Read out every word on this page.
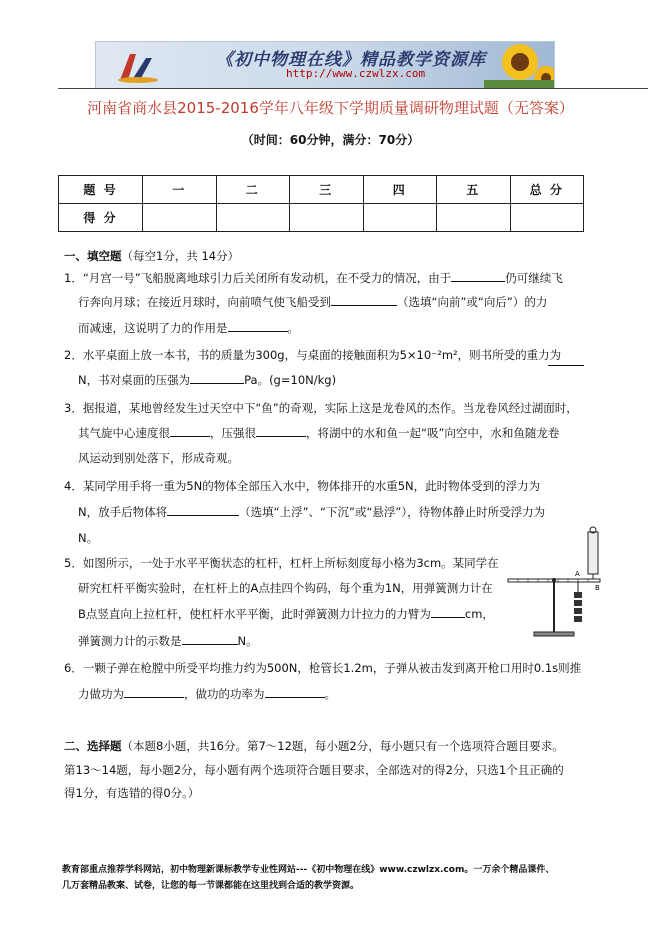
《初中物理在线》精品教学资源库
http://www.czwlzx.com
河南省商水县2015-2016学年八年级下学期质量调研物理试题（无答案）
（时间：60分钟，满分：70分）
题 号	一	二	三	四	五	总 分
得 分						
一、填空题（每空1分，共 14分）
1．“月宫一号”飞船脱离地球引力后关闭所有发动机，在不受力的情况，由于	仍可继续飞
行奔向月球；在接近月球时，向前喷气使飞船受到	（选填“向前”或“向后”）的力
而减速，这说明了力的作用是	。
2．水平桌面上放一本书，书的质量为300g，与桌面的接触面积为5×10⁻²m²，则书所受的重力为
N，书对桌面的压强为	Pa。(g=10N/kg)
3．据报道，某地曾经发生过天空中下“鱼”的奇观，实际上这是龙卷风的杰作。当龙卷风经过湖面时，
其气旋中心速度很	，压强很	，将湖中的水和鱼一起“吸”向空中，水和鱼随龙卷
风运动到别处落下，形成奇观。
4．某同学用手将一重为5N的物体全部压入水中，物体排开的水重5N，此时物体受到的浮力为
N，放手后物体将	（选填“上浮”、“下沉”或“悬浮”），待物体静止时所受浮力为
N。
5．如图所示，一处于水平平衡状态的杠杆，杠杆上所标刻度每小格为3cm。某同学在
研究杠杆平衡实验时，在杠杆上的A点挂四个钩码，每个重为1N，用弹簧测力计在
B点竖直向上拉杠杆，使杠杆水平平衡，此时弹簧测力计拉力的力臂为	cm，
弹簧测力计的示数是	N。
A
B
6．一颗子弹在枪膛中所受平均推力约为500N，枪管长1.2m，子弹从被击发到离开枪口用时0.1s则推
力做功为	，做功的功率为	。
二、选择题（本题8小题，共16分。第7～12题，每小题2分，每小题只有一个选项符合题目要求。
第13～14题，每小题2分，每小题有两个选项符合题目要求，全部选对的得2分，只选1个且正确的
得1分，有选错的得0分。）
教育部重点推荐学科网站，初中物理新课标教学专业性网站---《初中物理在线》www.czwlzx.com。一万余个精品课件、
几万套精品教案、试卷，让您的每一节课都能在这里找到合适的教学资源。
